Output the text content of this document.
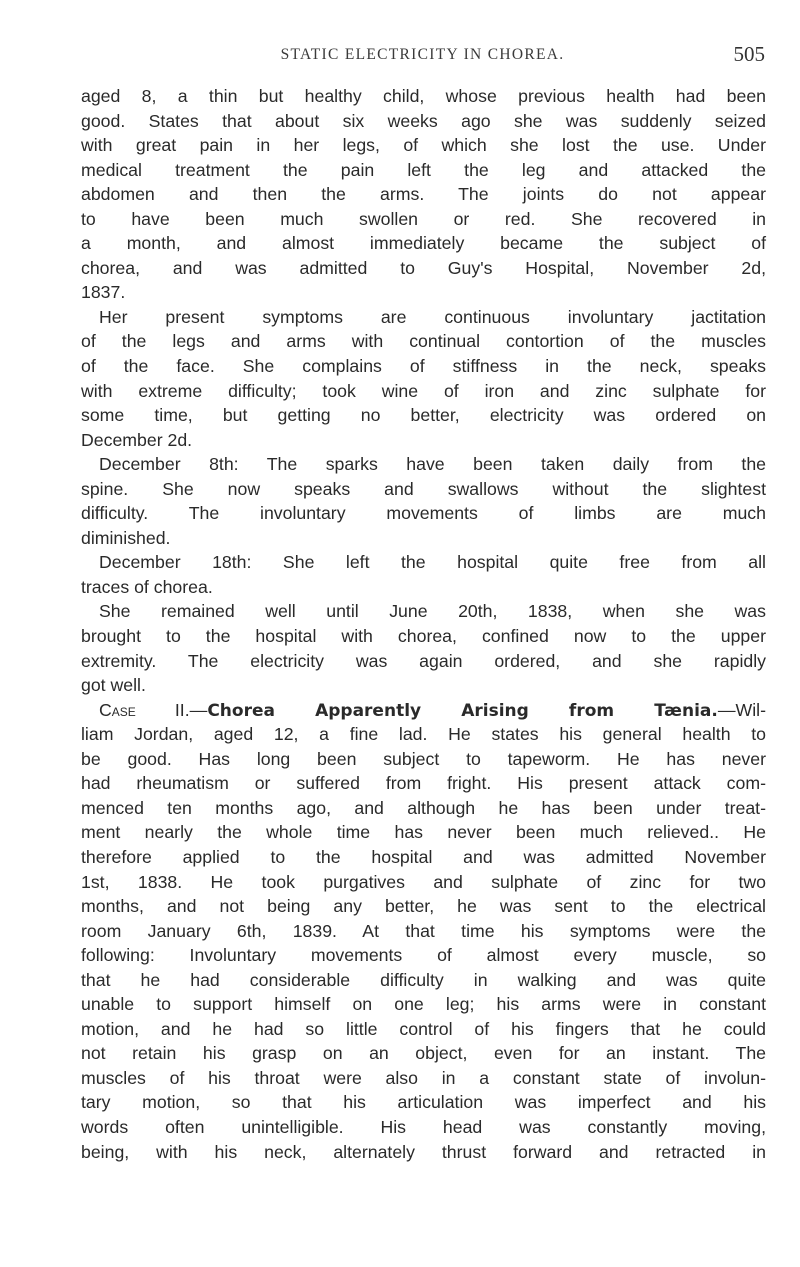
STATIC ELECTRICITY IN CHOREA.	505
aged 8, a thin but healthy child, whose previous health had been
good. States that about six weeks ago she was suddenly seized
with great pain in her legs, of which she lost the use. Under
medical treatment the pain left the leg and attacked the
abdomen and then the arms. The joints do not appear
to have been much swollen or red. She recovered in
a month, and almost immediately became the subject of
chorea, and was admitted to Guy's Hospital, November 2d,
1837.
Her present symptoms are continuous involuntary jactitation
of the legs and arms with continual contortion of the muscles
of the face. She complains of stiffness in the neck, speaks
with extreme difficulty; took wine of iron and zinc sulphate for
some time, but getting no better, electricity was ordered on
December 2d.
December 8th: The sparks have been taken daily from the
spine. She now speaks and swallows without the slightest
difficulty. The involuntary movements of limbs are much
diminished.
December 18th: She left the hospital quite free from all
traces of chorea.
She remained well until June 20th, 1838, when she was
brought to the hospital with chorea, confined now to the upper
extremity. The electricity was again ordered, and she rapidly
got well.
Case II.—Chorea Apparently Arising from Tænia.—Wil-
liam Jordan, aged 12, a fine lad. He states his general health to
be good. Has long been subject to tapeworm. He has never
had rheumatism or suffered from fright. His present attack com-
menced ten months ago, and although he has been under treat-
ment nearly the whole time has never been much relieved.. He
therefore applied to the hospital and was admitted November
1st, 1838. He took purgatives and sulphate of zinc for two
months, and not being any better, he was sent to the electrical
room January 6th, 1839. At that time his symptoms were the
following: Involuntary movements of almost every muscle, so
that he had considerable difficulty in walking and was quite
unable to support himself on one leg; his arms were in constant
motion, and he had so little control of his fingers that he could
not retain his grasp on an object, even for an instant. The
muscles of his throat were also in a constant state of involun-
tary motion, so that his articulation was imperfect and his
words often unintelligible. His head was constantly moving,
being, with his neck, alternately thrust forward and retracted in
